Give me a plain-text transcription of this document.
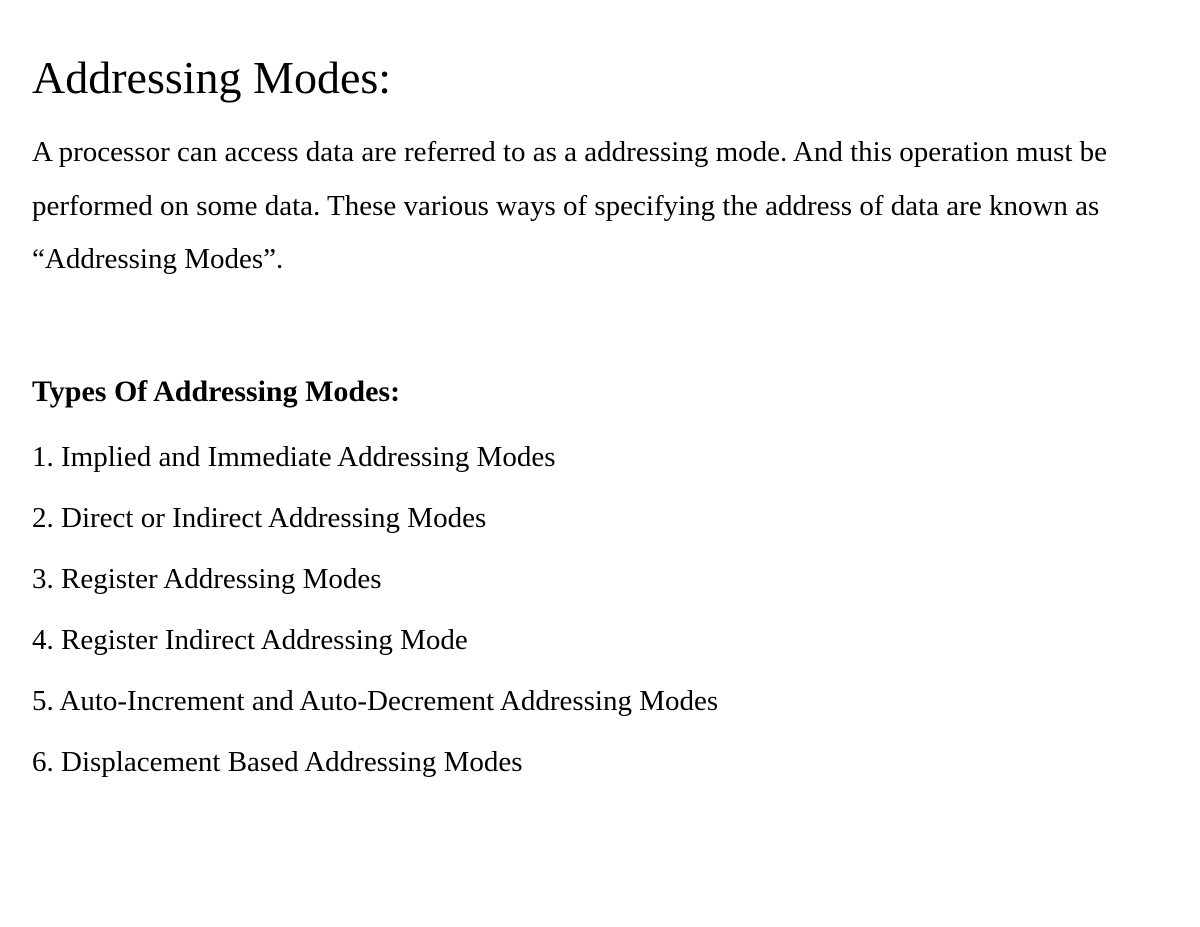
Addressing Modes:

A processor can access data are referred to as a addressing mode. And this operation must be performed on some data. These various ways of specifying the address of data are known as “Addressing Modes”.

Types Of Addressing Modes:
1. Implied and Immediate Addressing Modes
2. Direct or Indirect Addressing Modes
3. Register Addressing Modes
4. Register Indirect Addressing Mode
5. Auto-Increment and Auto-Decrement Addressing Modes
6. Displacement Based Addressing Modes
